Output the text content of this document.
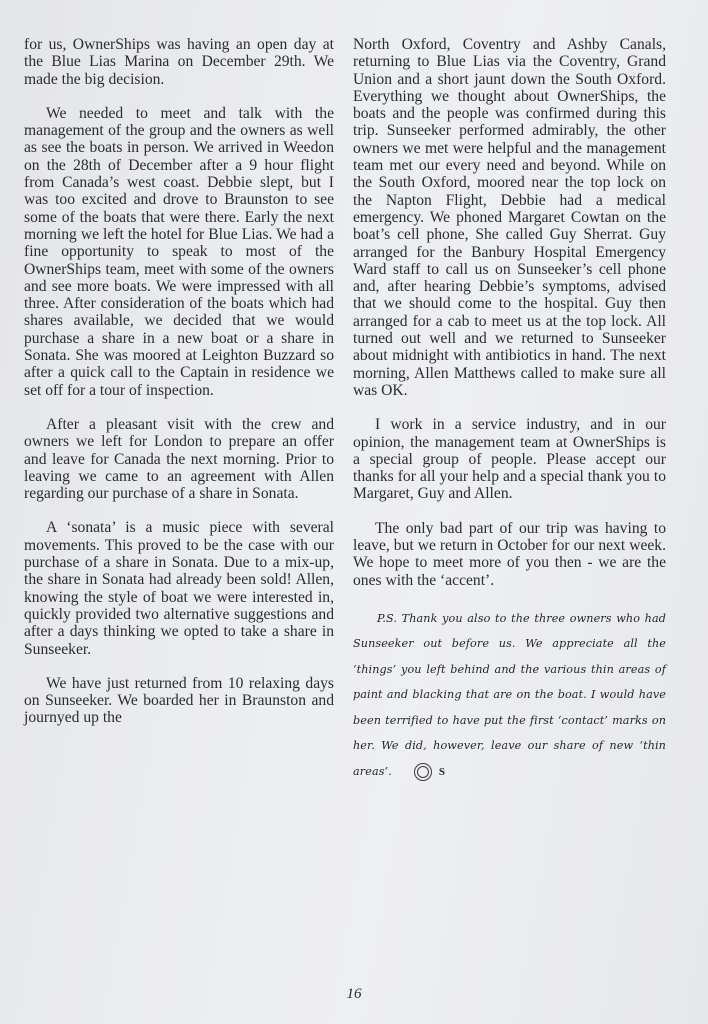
for us, OwnerShips was having an open day at the Blue Lias Marina on December 29th. We made the big decision.

We needed to meet and talk with the management of the group and the owners as well as see the boats in person. We arrived in Weedon on the 28th of December after a 9 hour flight from Canada’s west coast. Debbie slept, but I was too excited and drove to Braunston to see some of the boats that were there. Early the next morning we left the hotel for Blue Lias. We had a fine opportunity to speak to most of the OwnerShips team, meet with some of the owners and see more boats. We were impressed with all three. After consideration of the boats which had shares available, we decided that we would purchase a share in a new boat or a share in Sonata. She was moored at Leighton Buzzard so after a quick call to the Captain in residence we set off for a tour of inspection.

After a pleasant visit with the crew and owners we left for London to prepare an offer and leave for Canada the next morning. Prior to leaving we came to an agreement with Allen regarding our purchase of a share in Sonata.

A ‘sonata’ is a music piece with several movements. This proved to be the case with our purchase of a share in Sonata. Due to a mix-up, the share in Sonata had already been sold! Allen, knowing the style of boat we were interested in, quickly provided two alternative suggestions and after a days thinking we opted to take a share in Sunseeker.

We have just returned from 10 relaxing days on Sunseeker. We boarded her in Braunston and journyed up the

North Oxford, Coventry and Ashby Canals, returning to Blue Lias via the Coventry, Grand Union and a short jaunt down the South Oxford. Everything we thought about OwnerShips, the boats and the people was confirmed during this trip. Sunseeker performed admirably, the other owners we met were helpful and the management team met our every need and beyond. While on the South Oxford, moored near the top lock on the Napton Flight, Debbie had a medical emergency. We phoned Margaret Cowtan on the boat’s cell phone, She called Guy Sherrat. Guy arranged for the Banbury Hospital Emergency Ward staff to call us on Sunseeker’s cell phone and, after hearing Debbie’s symptoms, advised that we should come to the hospital. Guy then arranged for a cab to meet us at the top lock. All turned out well and we returned to Sunseeker about midnight with antibiotics in hand. The next morning, Allen Matthews called to make sure all was OK.

I work in a service industry, and in our opinion, the management team at OwnerShips is a special group of people. Please accept our thanks for all your help and a special thank you to Margaret, Guy and Allen.

The only bad part of our trip was having to leave, but we return in October for our next week. We hope to meet more of you then - we are the ones with the ‘accent’.

P.S. Thank you also to the three owners who had Sunseeker out before us. We appreciate all the ‘things’ you left behind and the various thin areas of paint and blacking that are on the boat. I would have been terrified to have put the first ‘contact’ marks on her. We did, however, leave our share of new ‘thin areas’.	S

16
